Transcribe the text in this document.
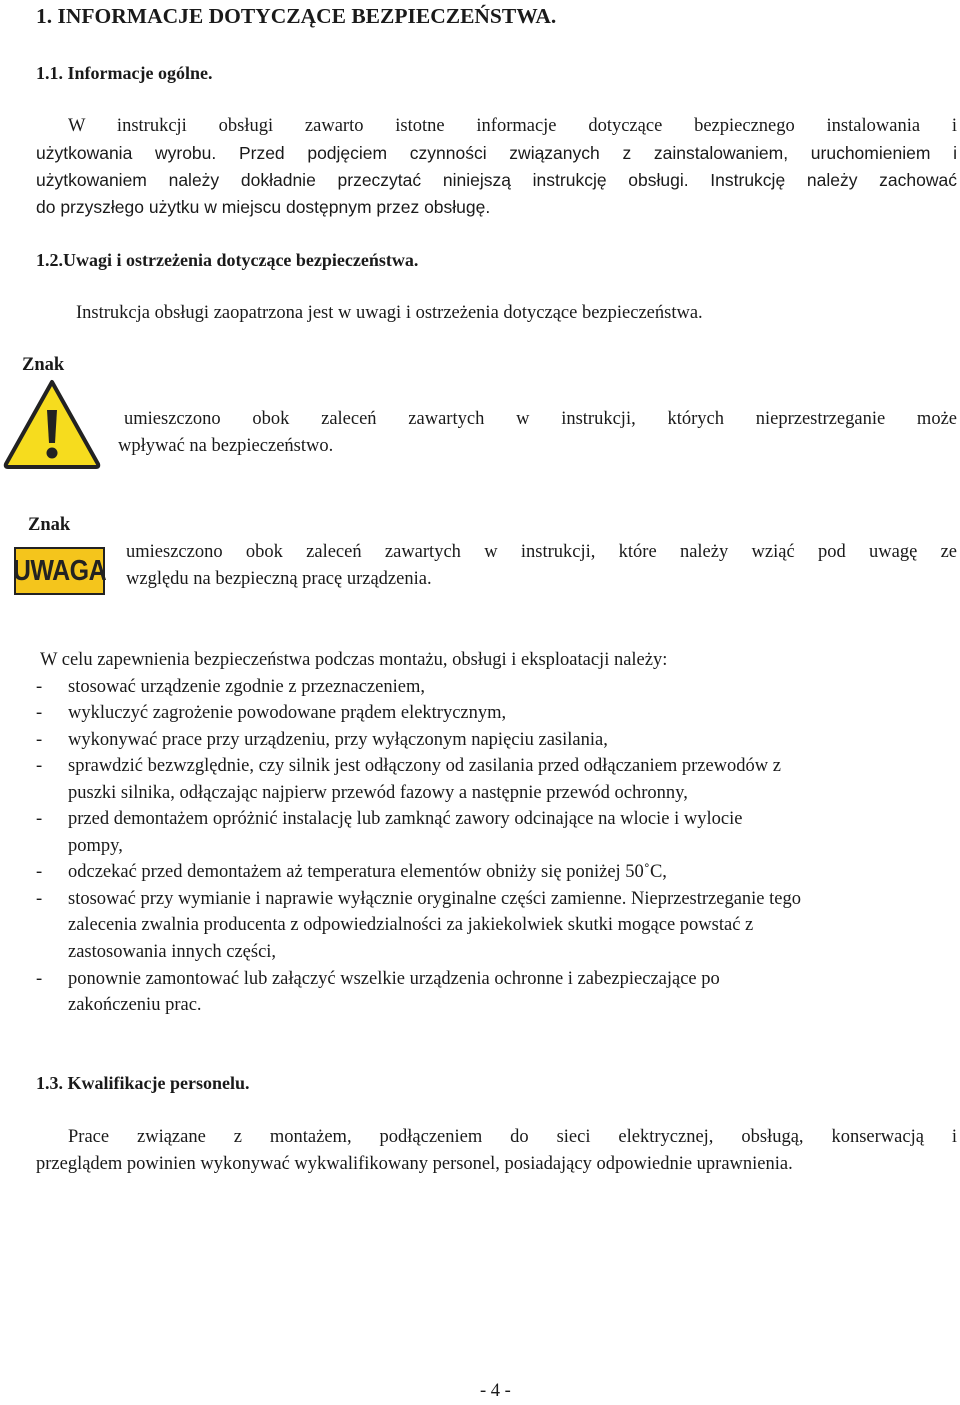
1. INFORMACJE DOTYCZĄCE BEZPIECZEŃSTWA.
1.1. Informacje ogólne.
W instrukcji obsługi zawarto istotne informacje dotyczące bezpiecznego instalowania i
użytkowania wyrobu. Przed podjęciem czynności związanych z zainstalowaniem, uruchomieniem i
użytkowaniem należy dokładnie przeczytać niniejszą instrukcję obsługi. Instrukcję należy zachować
do przyszłego użytku w miejscu dostępnym przez obsługę.
1.2.Uwagi i ostrzeżenia dotyczące bezpieczeństwa.
Instrukcja obsługi zaopatrzona jest w uwagi i ostrzeżenia dotyczące bezpieczeństwa.
Znak
umieszczono obok zaleceń zawartych w instrukcji, których nieprzestrzeganie może
wpływać na bezpieczeństwo.
Znak
UWAGA
umieszczono obok zaleceń zawartych w instrukcji, które należy wziąć pod uwagę ze
względu na bezpieczną pracę urządzenia.
W celu zapewnienia bezpieczeństwa podczas montażu, obsługi i eksploatacji należy:
- stosować urządzenie zgodnie z przeznaczeniem,
- wykluczyć zagrożenie powodowane prądem elektrycznym,
- wykonywać prace przy urządzeniu, przy wyłączonym napięciu zasilania,
- sprawdzić bezwzględnie, czy silnik jest odłączony od zasilania przed odłączaniem przewodów z
puszki silnika, odłączając najpierw przewód fazowy a następnie przewód ochronny,
- przed demontażem opróżnić instalację lub zamknąć zawory odcinające na wlocie i wylocie
pompy,
- odczekać przed demontażem aż temperatura elementów obniży się poniżej 50˚C,
- stosować przy wymianie i naprawie wyłącznie oryginalne części zamienne. Nieprzestrzeganie tego
zalecenia zwalnia producenta z odpowiedzialności za jakiekolwiek skutki mogące powstać z
zastosowania innych części,
- ponownie zamontować lub załączyć wszelkie urządzenia ochronne i zabezpieczające po
zakończeniu prac.
1.3. Kwalifikacje personelu.
Prace związane z montażem, podłączeniem do sieci elektrycznej, obsługą, konserwacją i
przeglądem powinien wykonywać wykwalifikowany personel, posiadający odpowiednie uprawnienia.
- 4 -
